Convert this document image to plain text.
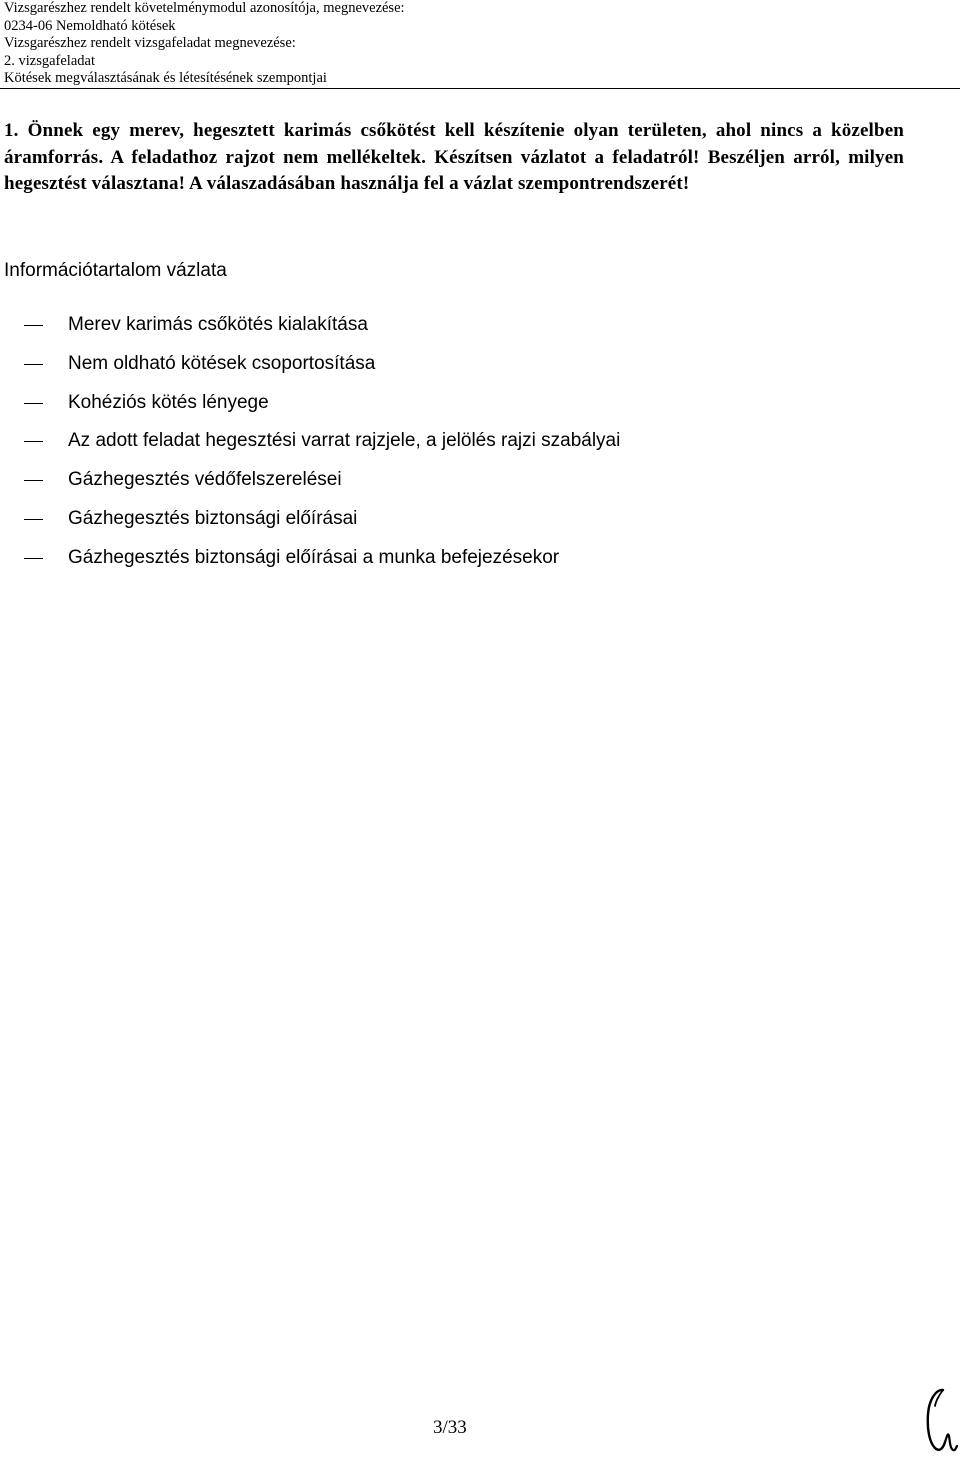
Vizsgarészhez rendelt követelménymodul azonosítója, megnevezése:
0234-06 Nemoldható kötések
Vizsgarészhez rendelt vizsgafeladat megnevezése:
2. vizsgafeladat
Kötések megválasztásának és létesítésének szempontjai
1. Önnek egy merev, hegesztett karimás csőkötést kell készítenie olyan területen, ahol nincs a közelben áramforrás. A feladathoz rajzot nem mellékeltek. Készítsen vázlatot a feladatról! Beszéljen arról, milyen hegesztést választana! A válaszadásában használja fel a vázlat szempontrendszerét!
Információtartalom vázlata
Merev karimás csőkötés kialakítása
Nem oldható kötések csoportosítása
Kohéziós kötés lényege
Az adott feladat hegesztési varrat rajzjele, a jelölés rajzi szabályai
Gázhegesztés védőfelszerelései
Gázhegesztés biztonsági előírásai
Gázhegesztés biztonsági előírásai a munka befejezésekor
3/33
